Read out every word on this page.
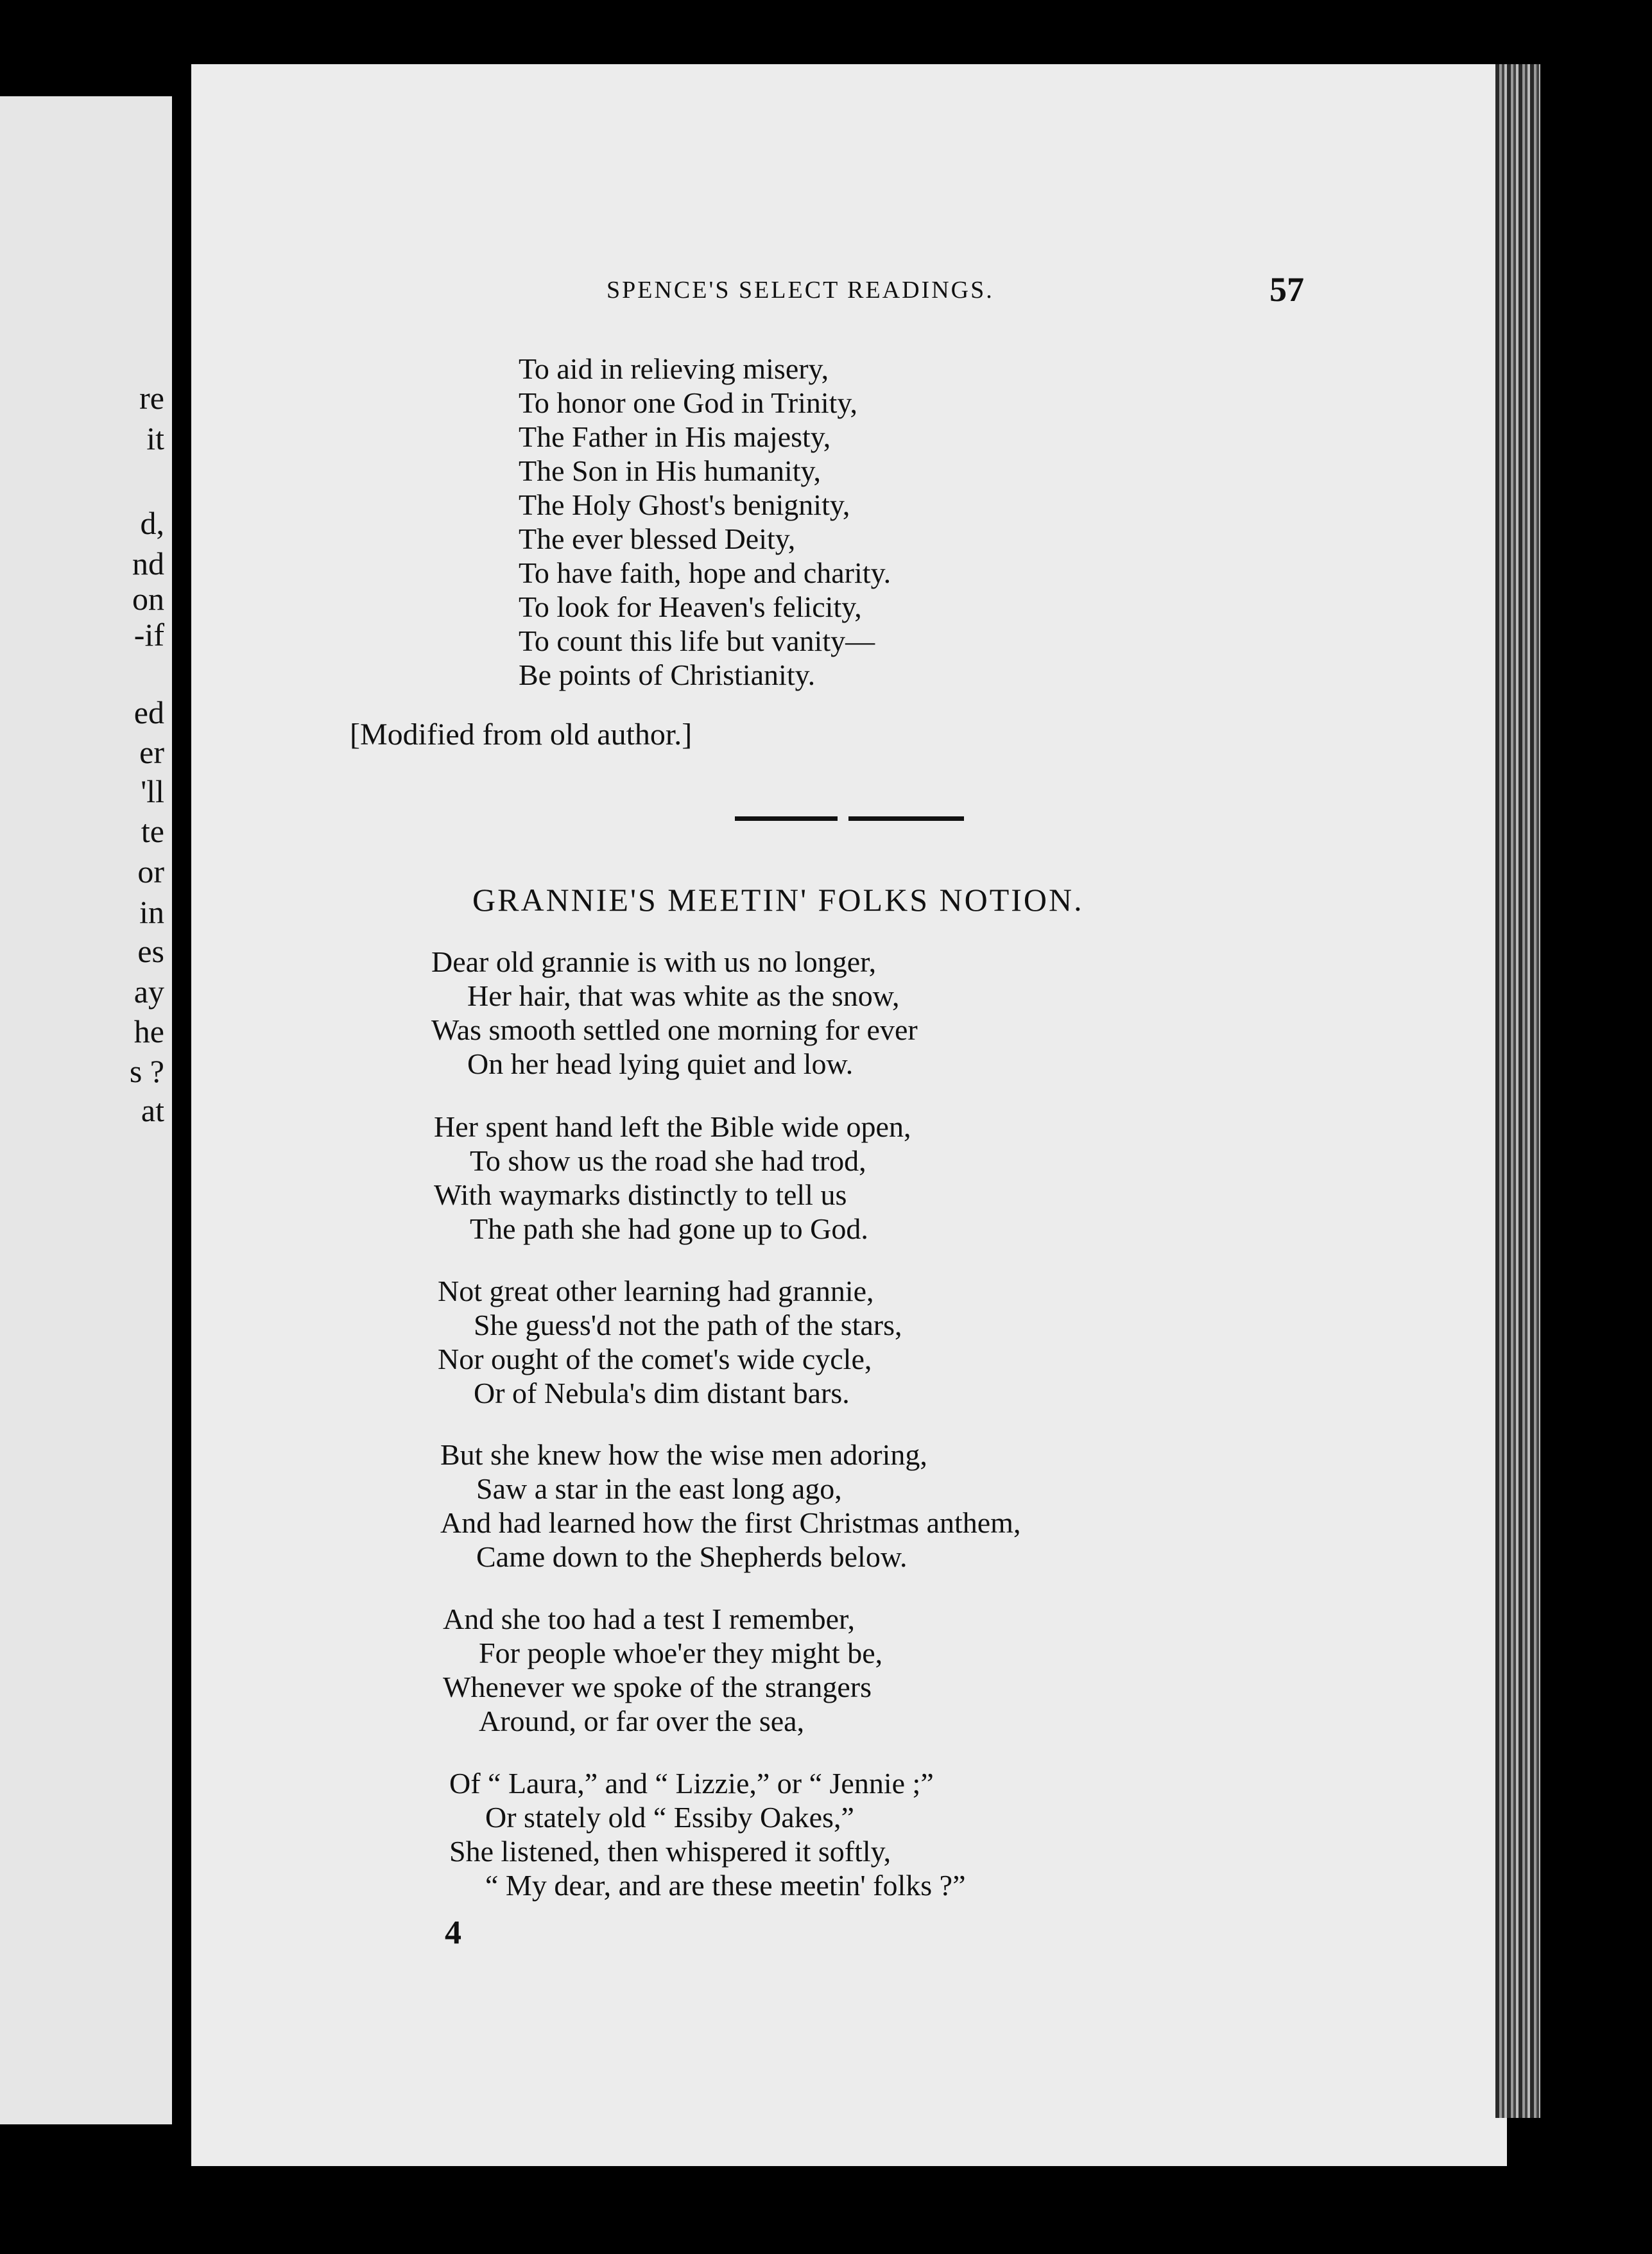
re
it
d,
nd
on
-if
ed
er
'll
te
or
in
es
ay
he
s ?
at
SPENCE'S SELECT READINGS.	57
To aid in relieving misery,
To honor one God in Trinity,
The Father in His majesty,
The Son in His humanity,
The Holy Ghost's benignity,
The ever blessed Deity,
To have faith, hope and charity.
To look for Heaven's felicity,
To count this life but vanity—
Be points of Christianity.
[Modified from old author.]
GRANNIE'S MEETIN' FOLKS NOTION.
Dear old grannie is with us no longer,
Her hair, that was white as the snow,
Was smooth settled one morning for ever
On her head lying quiet and low.
Her spent hand left the Bible wide open,
To show us the road she had trod,
With waymarks distinctly to tell us
The path she had gone up to God.
Not great other learning had grannie,
She guess'd not the path of the stars,
Nor ought of the comet's wide cycle,
Or of Nebula's dim distant bars.
But she knew how the wise men adoring,
Saw a star in the east long ago,
And had learned how the first Christmas anthem,
Came down to the Shepherds below.
And she too had a test I remember,
For people whoe'er they might be,
Whenever we spoke of the strangers
Around, or far over the sea,
Of “ Laura,” and “ Lizzie,” or “ Jennie ;”
Or stately old “ Essiby Oakes,”
She listened, then whispered it softly,
“ My dear, and are these meetin' folks ?”
4
